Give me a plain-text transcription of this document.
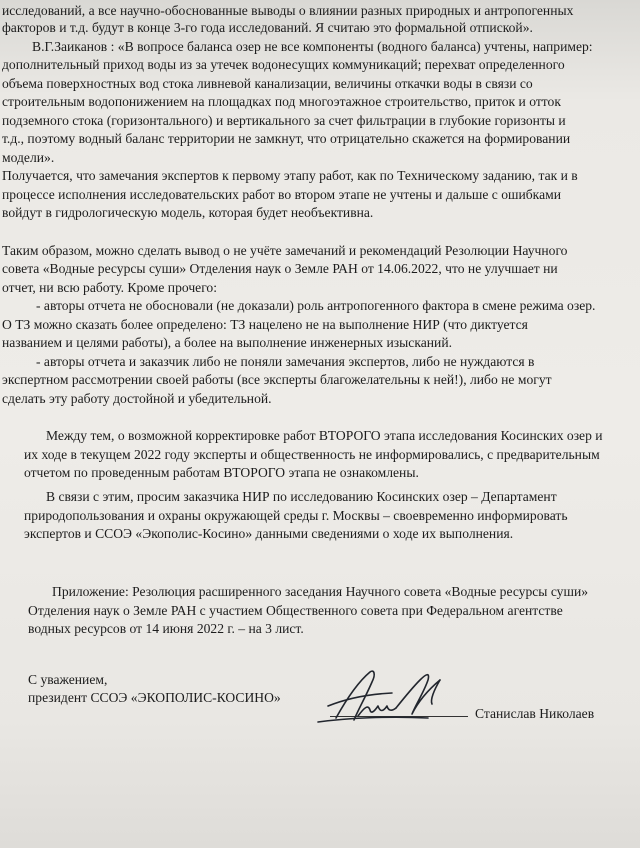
исследований, а все научно-обоснованные выводы о влиянии разных природных и антропогенных
факторов и т.д. будут в конце 3-го года исследований. Я считаю это формальной отпиской».
В.Г.Заиканов : «В вопросе баланса озер не все компоненты (водного баланса) учтены, например:
дополнительный приход воды из за утечек водонесущих коммуникаций; перехват определенного
объема поверхностных вод стока ливневой канализации, величины откачки воды в связи со
строительным водопонижением на площадках под многоэтажное строительство, приток и отток
подземного стока (горизонтального) и вертикального за счет фильтрации в глубокие горизонты и
т.д., поэтому водный баланс территории не замкнут, что отрицательно скажется на формировании
модели».
Получается, что замечания экспертов к первому этапу работ, как по Техническому заданию, так и в
процессе исполнения исследовательских работ во втором этапе не учтены и дальше с ошибками
войдут в гидрологическую модель, которая будет необъективна.
Таким образом, можно сделать вывод о не учёте замечаний и рекомендаций Резолюции Научного
совета «Водные ресурсы суши» Отделения наук о Земле РАН от 14.06.2022, что не улучшает ни
отчет, ни всю работу. Кроме прочего:
- авторы отчета не обосновали (не доказали) роль антропогенного фактора в смене режима озер.
О ТЗ можно сказать более определено: ТЗ нацелено не на выполнение НИР (что диктуется
названием и целями работы), а более на выполнение инженерных изысканий.
- авторы отчета и заказчик либо не поняли замечания экспертов, либо не нуждаются в
экспертном рассмотрении своей работы (все эксперты благожелательны к ней!), либо не могут
сделать эту работу достойной и убедительной.
Между тем, о возможной корректировке работ ВТОРОГО этапа исследования Косинских озер и
их ходе в текущем 2022 году эксперты и общественность не информировались, с предварительным
отчетом по проведенным работам ВТОРОГО этапа не ознакомлены.
В связи с этим, просим заказчика НИР по исследованию Косинских озер – Департамент
природопользования и охраны окружающей среды г. Москвы – своевременно информировать
экспертов и ССОЭ «Экополис-Косино» данными сведениями о ходе их выполнения.
Приложение: Резолюция расширенного заседания Научного совета «Водные ресурсы суши»
Отделения наук о Земле РАН с участием Общественного совета при Федеральном агентстве
водных ресурсов от 14 июня 2022 г. – на 3 лист.
С уважением,
президент ССОЭ «ЭКОПОЛИС-КОСИНО»
Станислав Николаев
